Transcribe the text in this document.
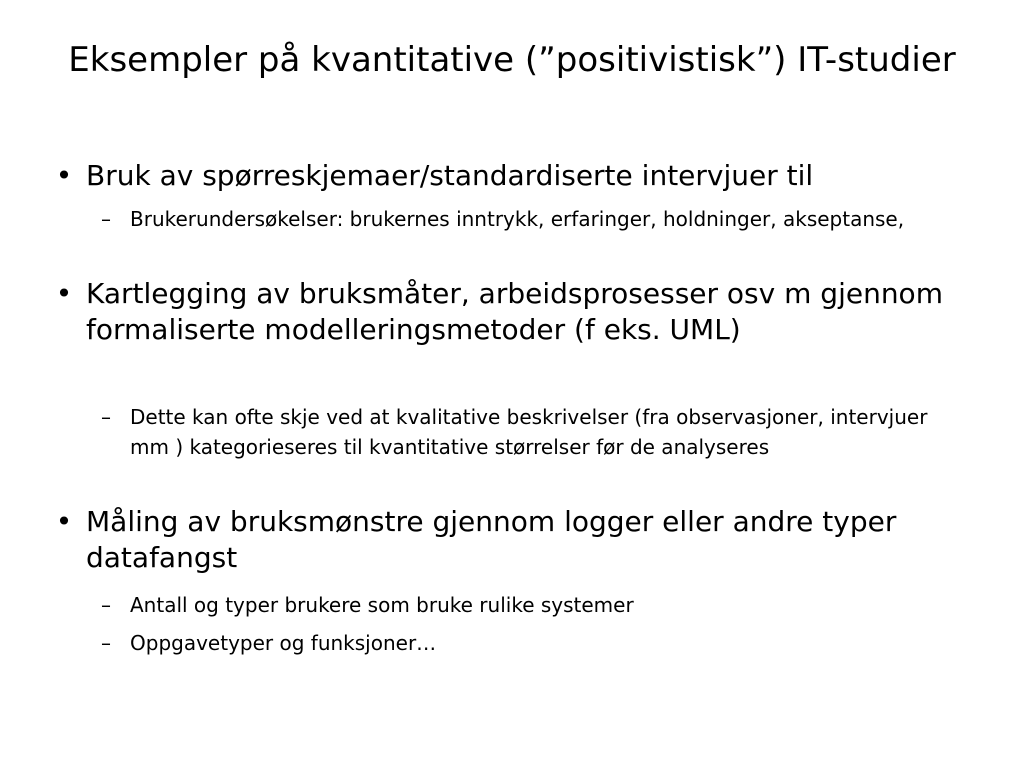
Eksempler på kvantitative (”positivistisk”) IT-studier
• Bruk av spørreskjemaer/standardiserte intervjuer til
– Brukerundersøkelser: brukernes inntrykk, erfaringer, holdninger, akseptanse,
• Kartlegging av bruksmåter, arbeidsprosesser osv m gjennom formaliserte modelleringsmetoder (f eks. UML)
– Dette kan ofte skje ved at kvalitative beskrivelser (fra observasjoner, intervjuer mm ) kategorieseres til kvantitative størrelser før de analyseres
• Måling av bruksmønstre gjennom logger eller andre typer datafangst
– Antall og typer brukere som bruke rulike systemer
– Oppgavetyper og funksjoner…
